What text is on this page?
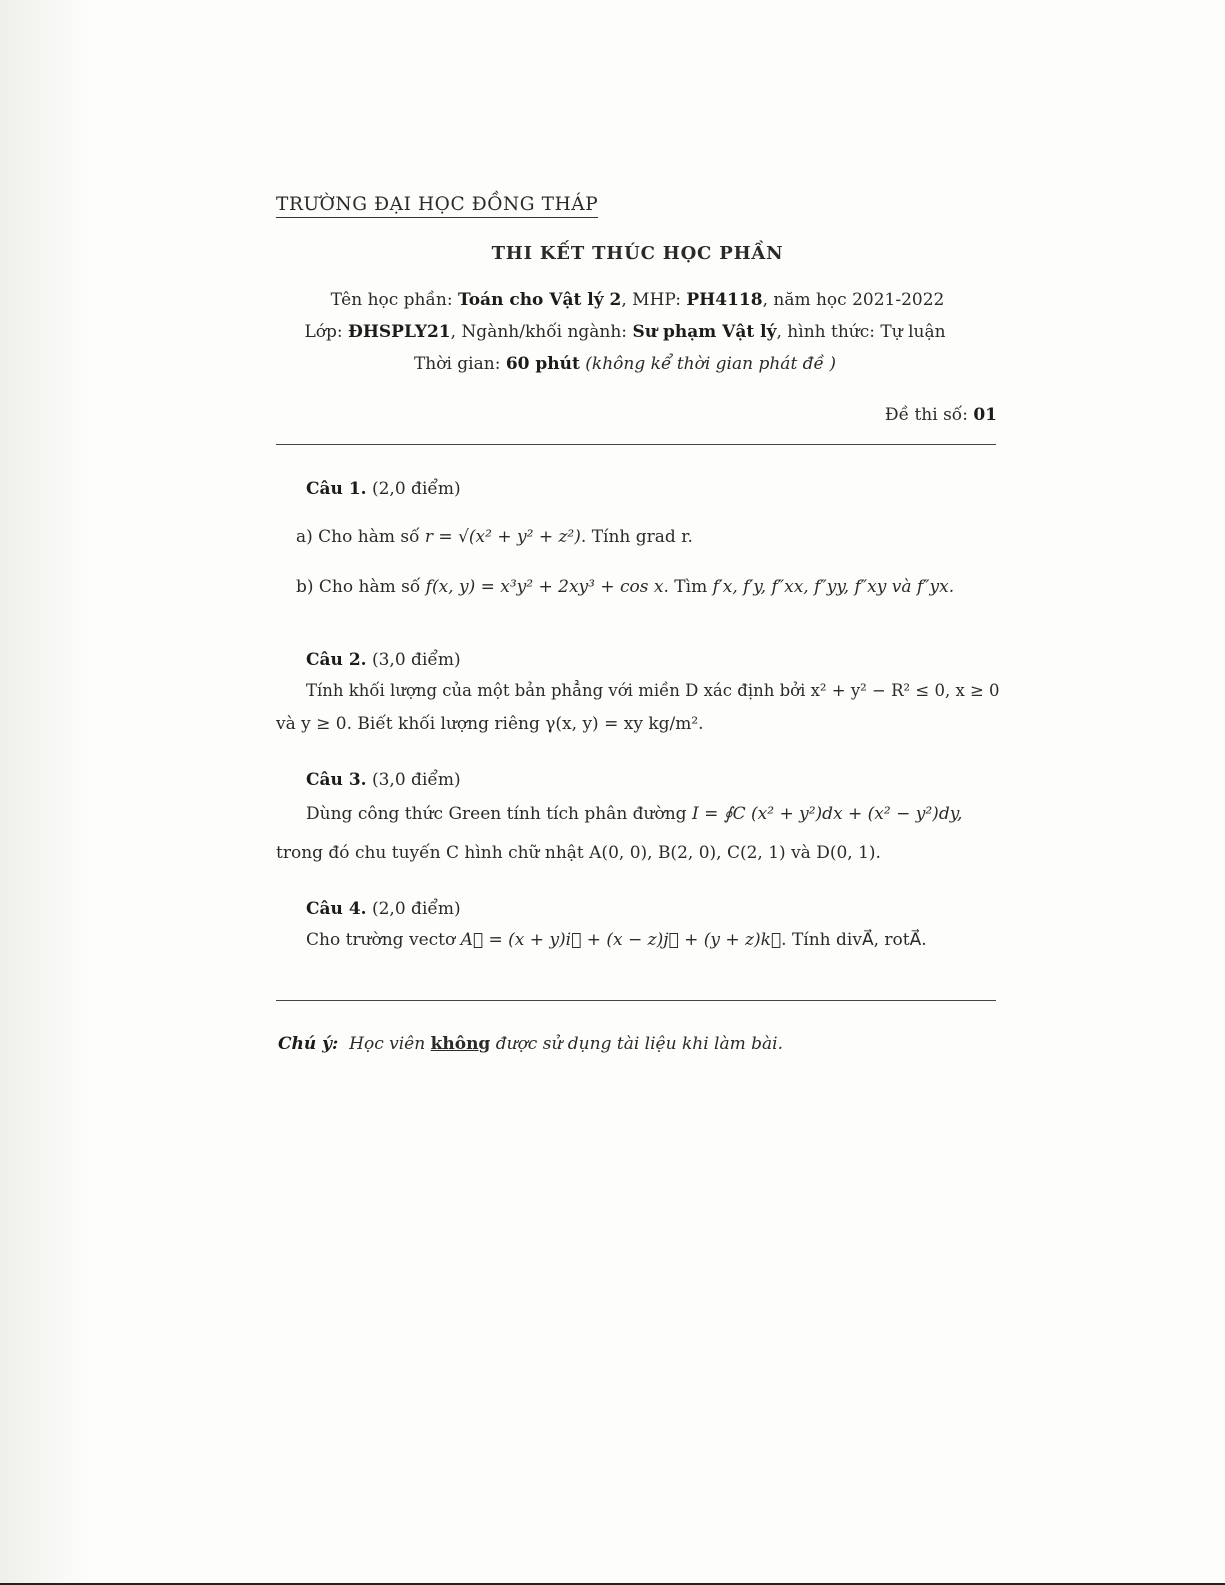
TRƯỜNG ĐẠI HỌC ĐỒNG THÁP
THI KẾT THÚC HỌC PHẦN
Tên học phần: Toán cho Vật lý 2, MHP: PH4118, năm học 2021-2022
Lớp: ĐHSPLY21, Ngành/khối ngành: Sư phạm Vật lý, hình thức: Tự luận
Thời gian: 60 phút (không kể thời gian phát đề )
Đề thi số: 01
Câu 1. (2,0 điểm)
a) Cho hàm số r = √(x² + y² + z²). Tính grad r.
b) Cho hàm số f(x, y) = x³y² + 2xy³ + cos x. Tìm f′x, f′y, f″xx, f″yy, f″xy và f″yx.
Câu 2. (3,0 điểm)
Tính khối lượng của một bản phẳng với miền D xác định bởi x² + y² − R² ≤ 0, x ≥ 0
và y ≥ 0. Biết khối lượng riêng γ(x, y) = xy kg/m².
Câu 3. (3,0 điểm)
Dùng công thức Green tính tích phân đường I = ∮C (x² + y²)dx + (x² − y²)dy,
trong đó chu tuyến C hình chữ nhật A(0, 0), B(2, 0), C(2, 1) và D(0, 1).
Câu 4. (2,0 điểm)
Cho trường vectơ A⃗ = (x + y)i⃗ + (x − z)j⃗ + (y + z)k⃗. Tính divA⃗, rotA⃗.
Chú ý: Học viên không được sử dụng tài liệu khi làm bài.
